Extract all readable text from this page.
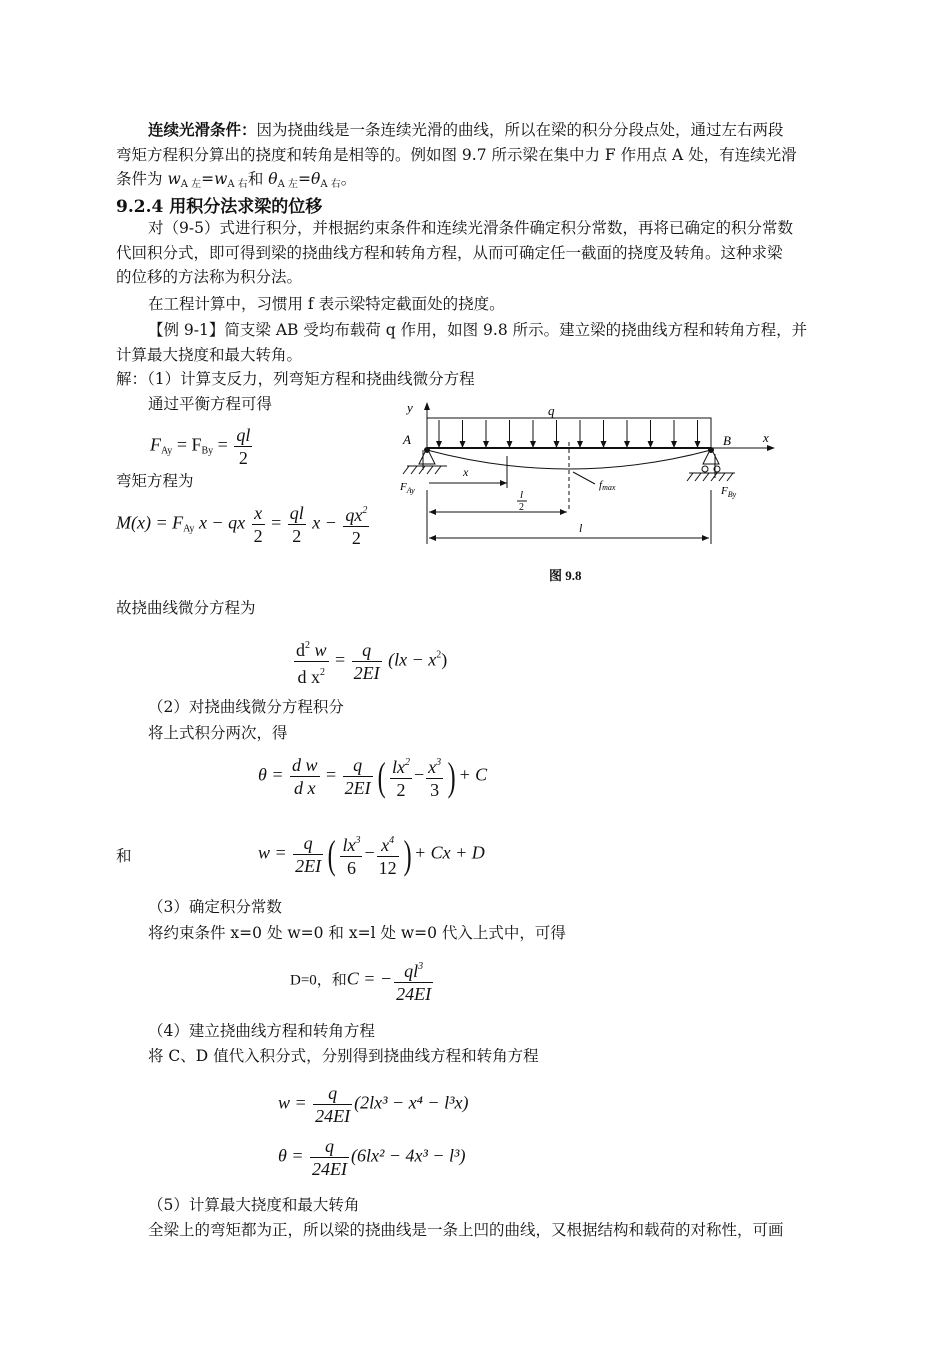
连续光滑条件：因为挠曲线是一条连续光滑的曲线，所以在梁的积分分段点处，通过左右两段
弯矩方程积分算出的挠度和转角是相等的。例如图 9.7 所示梁在集中力 F 作用点 A 处，有连续光滑
条件为 $w_{A 左}=w_{A 右}$和 $\theta_{A 左}=\theta_{A 右}$。
9.2.4 用积分法求梁的位移
对（9-5）式进行积分，并根据约束条件和连续光滑条件确定积分常数，再将已确定的积分常数
代回积分式，即可得到梁的挠曲线方程和转角方程，从而可确定任一截面的挠度及转角。这种求梁
的位移的方法称为积分法。
在工程计算中，习惯用 f 表示梁特定截面处的挠度。
【例 9-1】简支梁 AB 受均布载荷 q 作用，如图 9.8 所示。建立梁的挠曲线方程和转角方程，并
计算最大挠度和最大转角。
解：（1）计算支反力，列弯矩方程和挠曲线微分方程
通过平衡方程可得
$F_{Ay} = F_{By} = \frac{ql}{2}$
弯矩方程为
$M(x) = F_{Ay}$ x − qx $\frac{x}{2} = \frac{ql}{2}$ $x - \frac{qx^2}{2}$
y	q
x
A	B
$F_{Ay}$	$F_{By}$
x
fmax
l
2
l
图 9.8
故挠曲线微分方程为
$\frac{d^2 w}{d x^2} = \frac{q}{2EI} (lx - x^2)$
（2）对挠曲线微分方程积分
将上式积分两次，得
$\theta = \frac{\text{d w}}{\text{d x}} = \frac{q}{2EI}$ ( $\frac{lx^2}{2} - \frac{x^3}{3}$ ) + C
和	$w = \frac{q}{2EI}$ ( $\frac{lx^3}{6} - \frac{x^4}{12}$ ) + Cx + D
（3）确定积分常数
将约束条件 x=0 处 w=0 和 x=l 处 w=0 代入上式中，可得
D=0，和C = − $\frac{ql^3}{24EI}$
（4）建立挠曲线方程和转角方程
将 C、D 值代入积分式，分别得到挠曲线方程和转角方程
$w = \frac{q}{24EI} (2lx^3 - x^4 - l^3x)$
$\theta = \frac{q}{24EI} (6lx^2 - 4x^3 - l^3)$
（5）计算最大挠度和最大转角
全梁上的弯矩都为正，所以梁的挠曲线是一条上凹的曲线，又根据结构和载荷的对称性，可画
